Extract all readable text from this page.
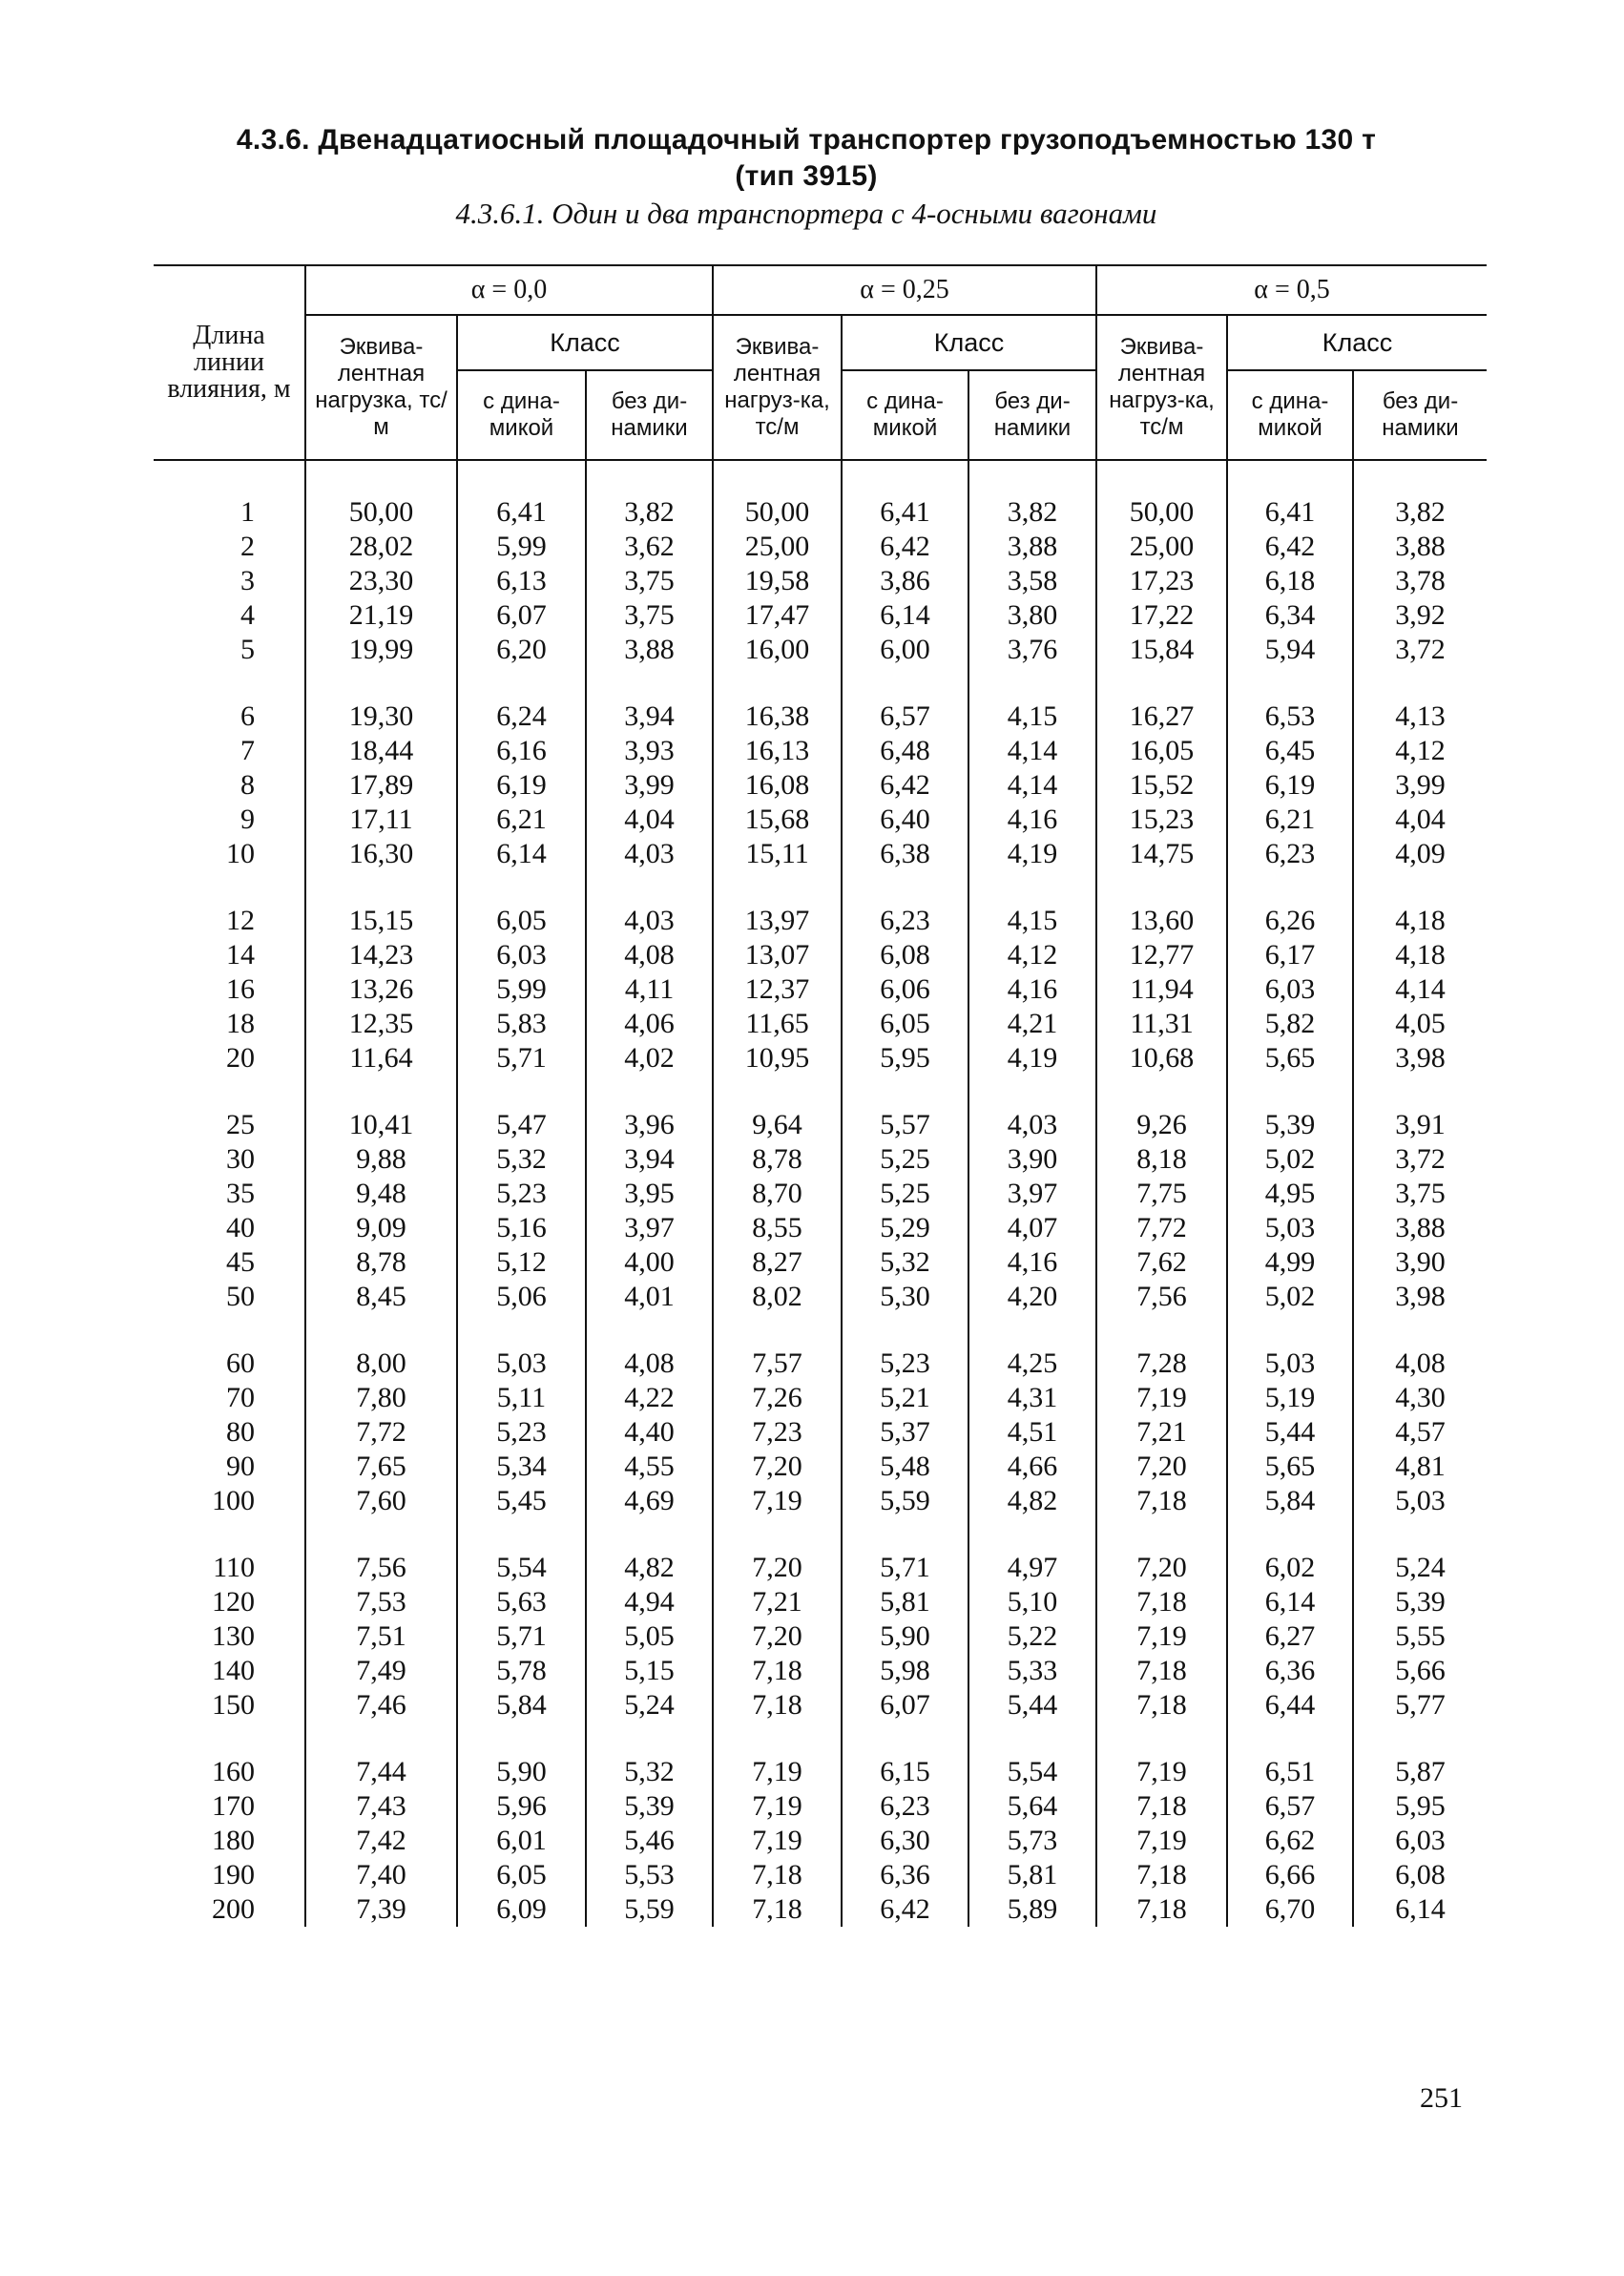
4.3.6. Двенадцатиосный площадочный транспортер грузоподъемностью 130 т
(тип 3915)
4.3.6.1. Один и два транспортера с 4-осными вагонами
Длина линии влияния, м	α = 0,0			α = 0,25			α = 0,5		
	Эквива-лентная нагрузка, тс/м	Класс		Эквива-лентная нагруз-ка, тс/м	Класс		Эквива-лентная нагруз-ка, тс/м	Класс	
		с дина-микой	без ди-намики		с дина-микой	без ди-намики		с дина-микой	без ди-намики

1	50,00	6,41	3,82	50,00	6,41	3,82	50,00	6,41	3,82
2	28,02	5,99	3,62	25,00	6,42	3,88	25,00	6,42	3,88
3	23,30	6,13	3,75	19,58	3,86	3,58	17,23	6,18	3,78
4	21,19	6,07	3,75	17,47	6,14	3,80	17,22	6,34	3,92
5	19,99	6,20	3,88	16,00	6,00	3,76	15,84	5,94	3,72

6	19,30	6,24	3,94	16,38	6,57	4,15	16,27	6,53	4,13
7	18,44	6,16	3,93	16,13	6,48	4,14	16,05	6,45	4,12
8	17,89	6,19	3,99	16,08	6,42	4,14	15,52	6,19	3,99
9	17,11	6,21	4,04	15,68	6,40	4,16	15,23	6,21	4,04
10	16,30	6,14	4,03	15,11	6,38	4,19	14,75	6,23	4,09

12	15,15	6,05	4,03	13,97	6,23	4,15	13,60	6,26	4,18
14	14,23	6,03	4,08	13,07	6,08	4,12	12,77	6,17	4,18
16	13,26	5,99	4,11	12,37	6,06	4,16	11,94	6,03	4,14
18	12,35	5,83	4,06	11,65	6,05	4,21	11,31	5,82	4,05
20	11,64	5,71	4,02	10,95	5,95	4,19	10,68	5,65	3,98

25	10,41	5,47	3,96	9,64	5,57	4,03	9,26	5,39	3,91
30	9,88	5,32	3,94	8,78	5,25	3,90	8,18	5,02	3,72
35	9,48	5,23	3,95	8,70	5,25	3,97	7,75	4,95	3,75
40	9,09	5,16	3,97	8,55	5,29	4,07	7,72	5,03	3,88
45	8,78	5,12	4,00	8,27	5,32	4,16	7,62	4,99	3,90
50	8,45	5,06	4,01	8,02	5,30	4,20	7,56	5,02	3,98

60	8,00	5,03	4,08	7,57	5,23	4,25	7,28	5,03	4,08
70	7,80	5,11	4,22	7,26	5,21	4,31	7,19	5,19	4,30
80	7,72	5,23	4,40	7,23	5,37	4,51	7,21	5,44	4,57
90	7,65	5,34	4,55	7,20	5,48	4,66	7,20	5,65	4,81
100	7,60	5,45	4,69	7,19	5,59	4,82	7,18	5,84	5,03

110	7,56	5,54	4,82	7,20	5,71	4,97	7,20	6,02	5,24
120	7,53	5,63	4,94	7,21	5,81	5,10	7,18	6,14	5,39
130	7,51	5,71	5,05	7,20	5,90	5,22	7,19	6,27	5,55
140	7,49	5,78	5,15	7,18	5,98	5,33	7,18	6,36	5,66
150	7,46	5,84	5,24	7,18	6,07	5,44	7,18	6,44	5,77

160	7,44	5,90	5,32	7,19	6,15	5,54	7,19	6,51	5,87
170	7,43	5,96	5,39	7,19	6,23	5,64	7,18	6,57	5,95
180	7,42	6,01	5,46	7,19	6,30	5,73	7,19	6,62	6,03
190	7,40	6,05	5,53	7,18	6,36	5,81	7,18	6,66	6,08
200	7,39	6,09	5,59	7,18	6,42	5,89	7,18	6,70	6,14
251
